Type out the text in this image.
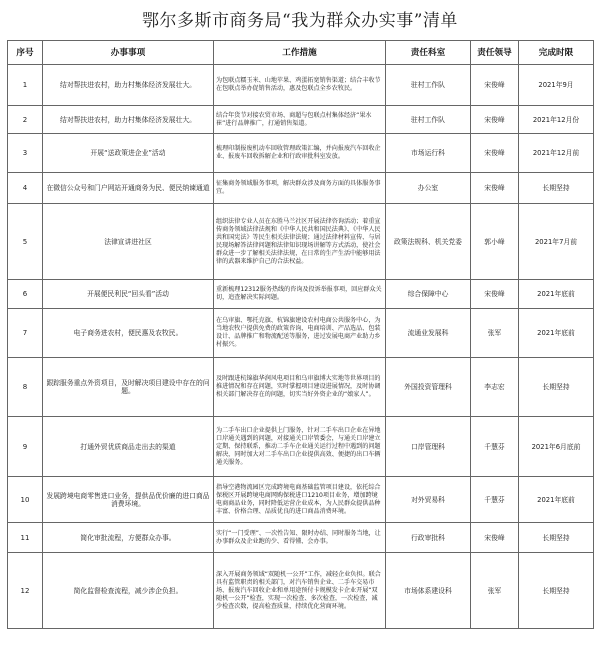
鄂尔多斯市商务局“我为群众办实事”清单
序号	办事事项	工作措施	责任科室	责任领导	完成时限
1	结对帮扶进农村，助力村集体经济发展壮大。	为包联点糯玉米、山地苹果、鸡蛋拓宽销售渠道；结合丰收节在包联点举办促销售活动，惠及包联点全乡农牧民。	驻村工作队	宋俊峰	2021年9月
2	结对帮扶进农村，助力村集体经济发展壮大。	结合年货节对接农贸市场、商超与包联点村集体经济“果水崔”进行品牌推广，打通销售渠道。	驻村工作队	宋俊峰	2021年12月份
3	开展“送政策进企业”活动	梳理印制报废机动车回收管理政策汇编，并向报废汽车回收企业、报废车回收拆解企业和行政审批科室发放。	市场运行科	宋俊峰	2021年12月前
4	在微信公众号和门户网站开通商务为民、便民纳谏通道	征集商务领域服务事项，解决群众涉及商务方面的具体服务事宜。	办公室	宋俊峰	长期坚持
5	法律宣讲进社区	组织法律专业人员在东胜马兰社区开展法律咨询活动；着重宣传商务领域法律法规和《中华人民共和国民法典》、《中华人民共和国宪法》等民生相关法律法规；通过法律材料宣传、与居民现场解答法律问题和法律知识现场讲解等方式活动，使社会群众进一步了解相关法律法规，在日常的生产生活中能够用法律的武器来维护自己的合法权益。	政策法规科、机关党委	郭小峰	2021年7月前
6	开展便民利民“回头看”活动	重新梳理12312服务热线的咨询及投诉举报事项，回应群众关切，追查解决实际问题。	综合保障中心	宋俊峰	2021年底前
7	电子商务进农村，便民惠及农牧民。	在乌审旗、鄂托克旗、杭锦旗建设农村电商公共服务中心，为当地农牧户提供免费的政策咨询、电商培训、产品选品、包装设计、品牌推广和物流配送等服务，进过发展电商产业助力乡村振兴。	流通业发展科	张军	2021年底前
8	跟踪服务重点外资项目，及时解决项目建设中存在的问题。	及时跟进杭锦旗华润风电项目和乌审旗博大实地等世界项目的推进情况和存在问题，实时掌握项目建设进展情况，及时协调相关部门解决存在的问题，切实当好外资企业的“娘家人”。	外国投资管理科	李志宏	长期坚持
9	打通外贸优质商品走出去的渠道	为二手车出口企业提供上门服务，针对二手车出口企业在异地口岸通关遇到的问题，对接通关口岸管委会，与通关口岸建立定期、保持联系，推动二手车企业通关运行过程中遇到的问题解决，同时加大对二手车出口企业提供高效、便捷的出口车辆通关服务。	口岸管理科	千慧芬	2021年6月底前
10	发展跨境电商零售进口业务，提供品优价廉的进口商品消费环境。	指导空港物流园区完成跨境电商基础监管项目建设，依托综合保税区开展跨境电商网购保税进口1210项目业务，增加跨境电商商品业务，同时降低运营企业成本，为人民群众提供品种丰富、价格合理、品质优良的进口商品消费环境。	对外贸易科	千慧芬	2021年底前
11	简化审批流程，方便群众办事。	实行“一门受理”、一次性告知、限时办结、同时服务当地，让办事群众及企业跑的少、看得懂、会办事。	行政审批科	宋俊峰	长期坚持
12	简化监督检查流程，减少涉企负担。	深入开展商务领域“双随机一公开”工作，减轻企业负担。联合具有监管职责的相关部门，对汽车销售企业、二手车交易市场、报废汽车回收企业和单用途预付卡规模发卡企业开展“双随机一公开”检查，实现一次检查、多次检查，一次检查，减少检查次数，提高检查质量，持续优化营商环境。	市场体系建设科	张军	长期坚持
